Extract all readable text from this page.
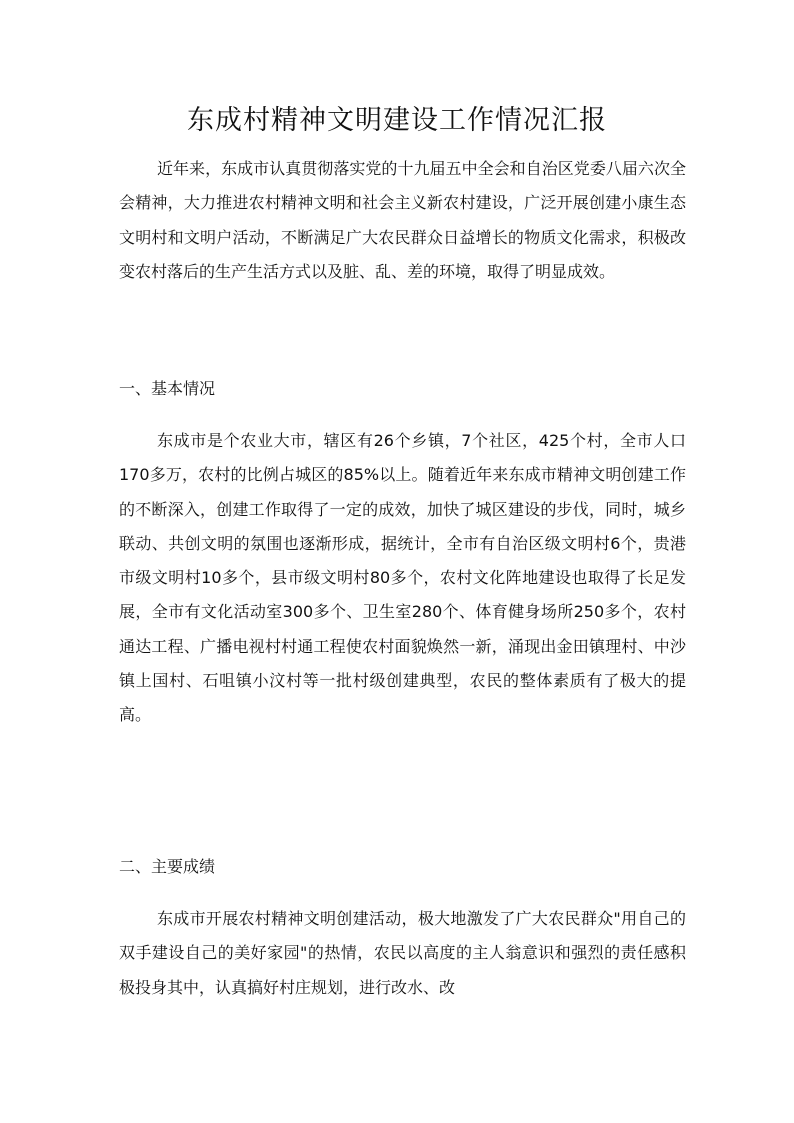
东成村精神文明建设工作情况汇报

近年来，东成市认真贯彻落实党的十九届五中全会和自治区党委八届六次全会精神，大力推进农村精神文明和社会主义新农村建设，广泛开展创建小康生态文明村和文明户活动，不断满足广大农民群众日益增长的物质文化需求，积极改变农村落后的生产生活方式以及脏、乱、差的环境，取得了明显成效。

一、基本情况

东成市是个农业大市，辖区有26个乡镇，7个社区，425个村，全市人口170多万，农村的比例占城区的85%以上。随着近年来东成市精神文明创建工作的不断深入，创建工作取得了一定的成效，加快了城区建设的步伐，同时，城乡联动、共创文明的氛围也逐渐形成，据统计，全市有自治区级文明村6个，贵港市级文明村10多个，县市级文明村80多个，农村文化阵地建设也取得了长足发展，全市有文化活动室300多个、卫生室280个、体育健身场所250多个，农村通达工程、广播电视村村通工程使农村面貌焕然一新，涌现出金田镇理村、中沙镇上国村、石咀镇小汶村等一批村级创建典型，农民的整体素质有了极大的提高。

二、主要成绩

东成市开展农村精神文明创建活动，极大地激发了广大农民群众"用自己的双手建设自己的美好家园"的热情，农民以高度的主人翁意识和强烈的责任感积极投身其中，认真搞好村庄规划，进行改水、改
